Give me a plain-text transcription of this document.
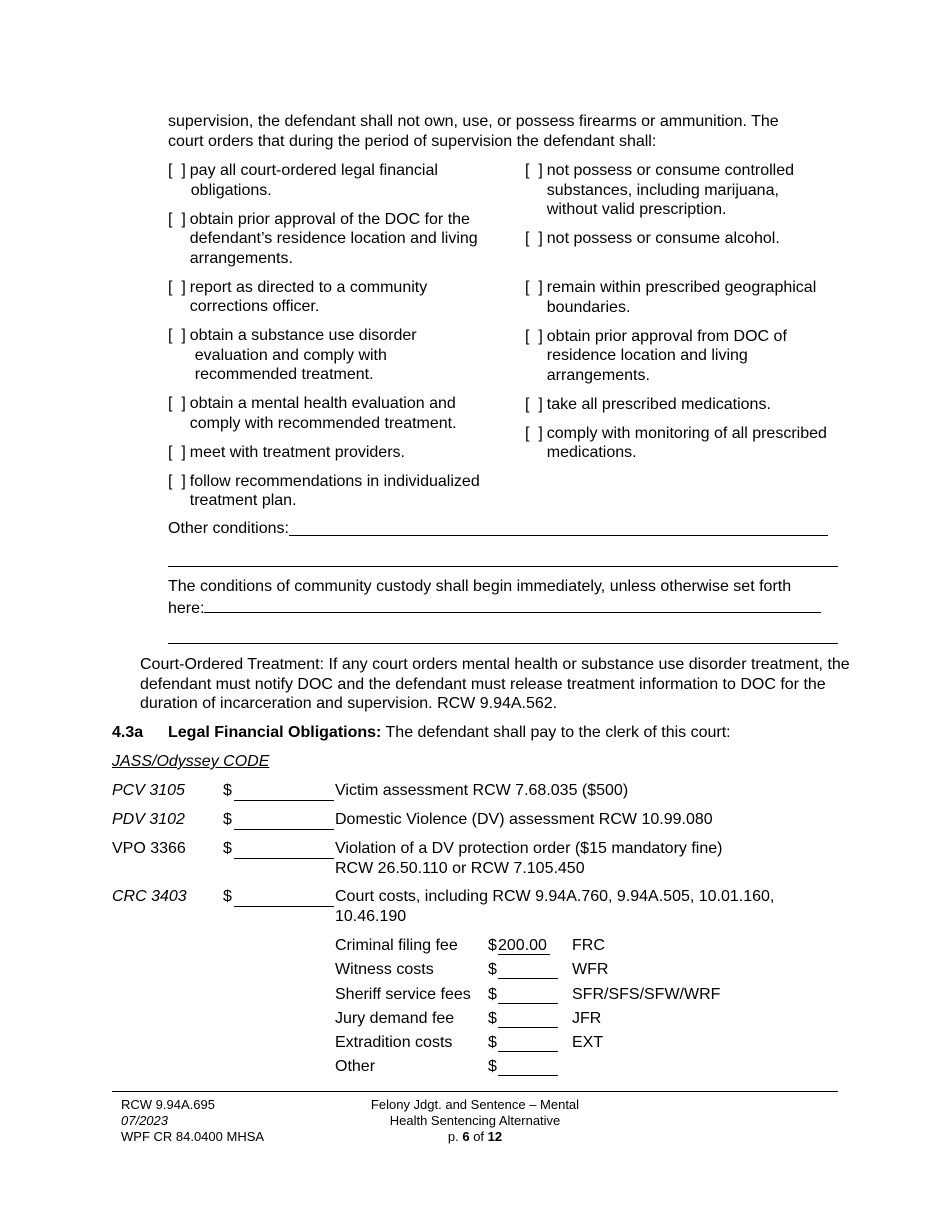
supervision, the defendant shall not own, use, or possess firearms or ammunition. The

court orders that during the period of supervision the defendant shall:

[  ] pay all court-ordered legal financial
obligations.
[  ] obtain prior approval of the DOC for the
defendant’s residence location and living
arrangements.
[  ] report as directed to a community
corrections officer.
[  ] obtain a substance use disorder
evaluation and comply with
recommended treatment.
[  ] obtain a mental health evaluation and
comply with recommended treatment.
[  ] meet with treatment providers.
[  ] follow recommendations in individualized
treatment plan.
[  ] not possess or consume controlled
substances, including marijuana,
without valid prescription.
[  ] not possess or consume alcohol.
[  ] remain within prescribed geographical
boundaries.
[  ] obtain prior approval from DOC of
residence location and living
arrangements.
[  ] take all prescribed medications.
[  ] comply with monitoring of all prescribed
medications.
Other conditions:

The conditions of community custody shall begin immediately, unless otherwise set forth

here:

Court-Ordered Treatment: If any court orders mental health or substance use disorder treatment, the defendant must notify DOC and the defendant must release treatment information to DOC for the duration of incarceration and supervision. RCW 9.94A.562.
4.3a Legal Financial Obligations: The defendant shall pay to the clerk of this court:
JASS/Odyssey CODE
PCV 3105 $	Victim assessment RCW 7.68.035 ($500)
PDV 3102 $	Domestic Violence (DV) assessment RCW 10.99.080
VPO 3366 $	Violation of a DV protection order ($15 mandatory fine)
RCW 26.50.110 or RCW 7.105.450
CRC 3403 $	Court costs, including RCW 9.94A.760, 9.94A.505, 10.01.160,
10.46.190
Criminal filing fee $ 200.00 FRC
Witness costs	$	WFR
Sheriff service fees $	SFR/SFS/SFW/WRF
Jury demand fee $	JFR
Extradition costs $	EXT
Other	$
RCW 9.94A.695
07/2023
WPF CR 84.0400 MHSA
Felony Jdgt. and Sentence – Mental
Health Sentencing Alternative
p. 6 of 12
